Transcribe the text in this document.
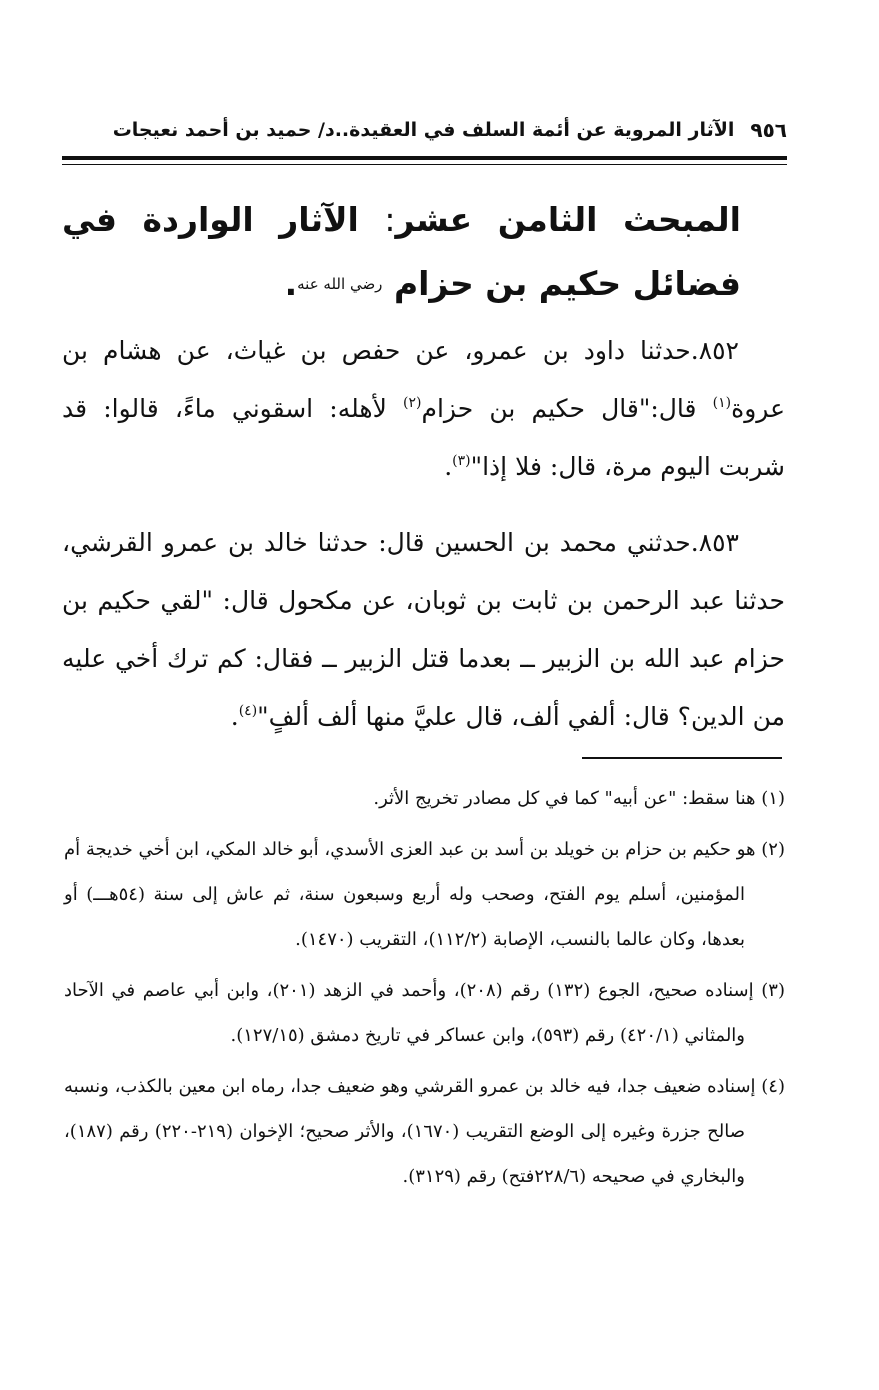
٩٥٦
الآثار المروية عن أئمة السلف في العقيدة..د/ حميد بن أحمد نعيجات
المبحث الثامن عشر: الآثار الواردة في فضائل حكيم بن حزام رضي الله عنه.

٨٥٢.حدثنا داود بن عمرو، عن حفص بن غياث، عن هشام بن عروة$^{(١)}$ قال:"قال حكيم بن حزام$^{(٢)}$ لأهله: اسقوني ماءً، قالوا: قد شربت اليوم مرة، قال: فلا إذا"$^{(٣)}$.

٨٥٣.حدثني محمد بن الحسين قال: حدثنا خالد بن عمرو القرشي، حدثنا عبد الرحمن بن ثابت بن ثوبان، عن مكحول قال: "لقي حكيم بن حزام عبد الله بن الزبير ــ بعدما قتل الزبير ــ فقال: كم ترك أخي عليه من الدين؟ قال: ألفي ألف، قال عليَّ منها ألف ألفٍ"$^{(٤)}$.

(١) هنا سقط: "عن أبيه" كما في كل مصادر تخريج الأثر.

(٢) هو حكيم بن حزام بن خويلد بن أسد بن عبد العزى الأسدي، أبو خالد المكي، ابن أخي خديجة أم المؤمنين، أسلم يوم الفتح، وصحب وله أربع وسبعون سنة، ثم عاش إلى سنة (٥٤هـــ) أو بعدها، وكان عالما بالنسب، الإصابة (١١٢/٢)، التقريب (١٤٧٠).

(٣) إسناده صحيح، الجوع (١٣٢) رقم (٢٠٨)، وأحمد في الزهد (٢٠١)، وابن أبي عاصم في الآحاد والمثاني (٤٢٠/١) رقم (٥٩٣)، وابن عساكر في تاريخ دمشق (١٢٧/١٥).

(٤) إسناده ضعيف جدا، فيه خالد بن عمرو القرشي وهو ضعيف جدا، رماه ابن معين بالكذب، ونسبه صالح جزرة وغيره إلى الوضع التقريب (١٦٧٠)، والأثر صحيح؛ الإخوان (٢١٩-٢٢٠) رقم (١٨٧)، والبخاري في صحيحه (٢٢٨/٦فتح) رقم (٣١٢٩).
